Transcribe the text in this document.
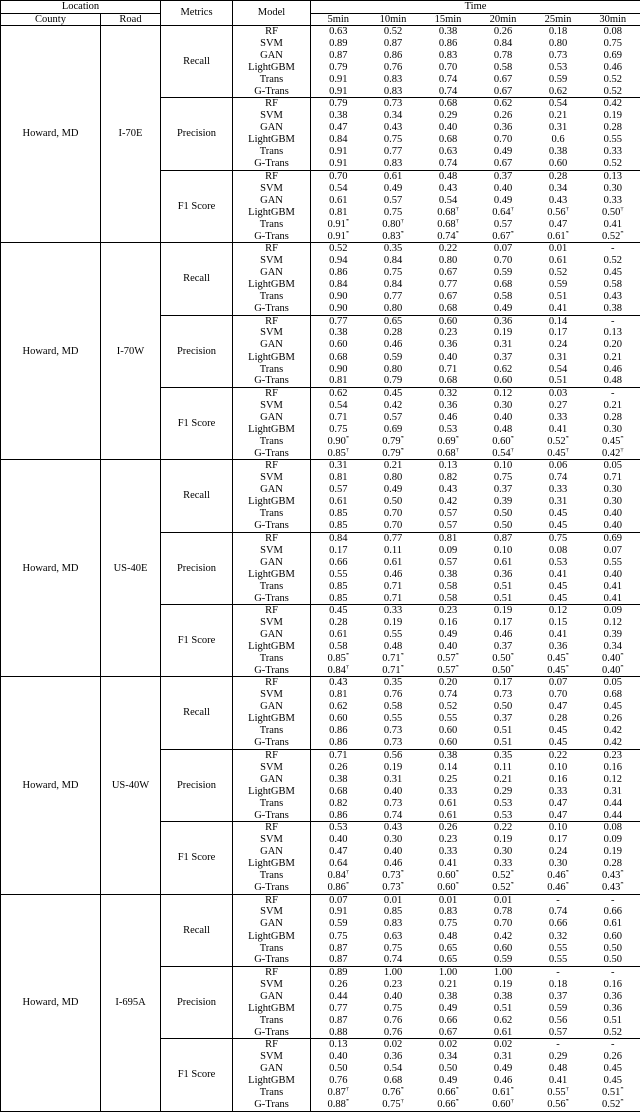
Location		Metrics	Model	Time					
County	Road			5min	10min	15min	20min	25min	30min
Howard, MD	I-70E	Recall	RF	0.63	0.52	0.38	0.26	0.18	0.08
			SVM	0.89	0.87	0.86	0.84	0.80	0.75
			GAN	0.87	0.86	0.83	0.78	0.73	0.69
			LightGBM	0.79	0.76	0.70	0.58	0.53	0.46
			Trans	0.91	0.83	0.74	0.67	0.59	0.52
			G-Trans	0.91	0.83	0.74	0.67	0.62	0.52
		Precision	RF	0.79	0.73	0.68	0.62	0.54	0.42
			SVM	0.38	0.34	0.29	0.26	0.21	0.19
			GAN	0.47	0.43	0.40	0.36	0.31	0.28
			LightGBM	0.84	0.75	0.68	0.70	0.6	0.55
			Trans	0.91	0.77	0.63	0.49	0.38	0.33
			G-Trans	0.91	0.83	0.74	0.67	0.60	0.52
		F1 Score	RF	0.70	0.61	0.48	0.37	0.28	0.13
			SVM	0.54	0.49	0.43	0.40	0.34	0.30
			GAN	0.61	0.57	0.54	0.49	0.43	0.33
			LightGBM	0.81	0.75	0.68†	0.64†	0.56†	0.50†
			Trans	0.91*	0.80†	0.68†	0.57	0.47	0.41
			G-Trans	0.91*	0.83*	0.74*	0.67*	0.61*	0.52*
Howard, MD	I-70W	Recall	RF	0.52	0.35	0.22	0.07	0.01	-
			SVM	0.94	0.84	0.80	0.70	0.61	0.52
			GAN	0.86	0.75	0.67	0.59	0.52	0.45
			LightGBM	0.84	0.84	0.77	0.68	0.59	0.58
			Trans	0.90	0.77	0.67	0.58	0.51	0.43
			G-Trans	0.90	0.80	0.68	0.49	0.41	0.38
		Precision	RF	0.77	0.65	0.60	0.36	0.14	-
			SVM	0.38	0.28	0.23	0.19	0.17	0.13
			GAN	0.60	0.46	0.36	0.31	0.24	0.20
			LightGBM	0.68	0.59	0.40	0.37	0.31	0.21
			Trans	0.90	0.80	0.71	0.62	0.54	0.46
			G-Trans	0.81	0.79	0.68	0.60	0.51	0.48
		F1 Score	RF	0.62	0.45	0.32	0.12	0.03	-
			SVM	0.54	0.42	0.36	0.30	0.27	0.21
			GAN	0.71	0.57	0.46	0.40	0.33	0.28
			LightGBM	0.75	0.69	0.53	0.48	0.41	0.30
			Trans	0.90*	0.79*	0.69*	0.60*	0.52*	0.45*
			G-Trans	0.85†	0.79*	0.68†	0.54†	0.45†	0.42†
Howard, MD	US-40E	Recall	RF	0.31	0.21	0.13	0.10	0.06	0.05
			SVM	0.81	0.80	0.82	0.75	0.74	0.71
			GAN	0.57	0.49	0.43	0.37	0.33	0.30
			LightGBM	0.61	0.50	0.42	0.39	0.31	0.30
			Trans	0.85	0.70	0.57	0.50	0.45	0.40
			G-Trans	0.85	0.70	0.57	0.50	0.45	0.40
		Precision	RF	0.84	0.77	0.81	0.87	0.75	0.69
			SVM	0.17	0.11	0.09	0.10	0.08	0.07
			GAN	0.66	0.61	0.57	0.61	0.53	0.55
			LightGBM	0.55	0.46	0.38	0.36	0.41	0.40
			Trans	0.85	0.71	0.58	0.51	0.45	0.41
			G-Trans	0.85	0.71	0.58	0.51	0.45	0.41
		F1 Score	RF	0.45	0.33	0.23	0.19	0.12	0.09
			SVM	0.28	0.19	0.16	0.17	0.15	0.12
			GAN	0.61	0.55	0.49	0.46	0.41	0.39
			LightGBM	0.58	0.48	0.40	0.37	0.36	0.34
			Trans	0.85*	0.71*	0.57*	0.50*	0.45*	0.40*
			G-Trans	0.84†	0.71*	0.57*	0.50*	0.45*	0.40*
Howard, MD	US-40W	Recall	RF	0.43	0.35	0.20	0.17	0.07	0.05
			SVM	0.81	0.76	0.74	0.73	0.70	0.68
			GAN	0.62	0.58	0.52	0.50	0.47	0.45
			LightGBM	0.60	0.55	0.55	0.37	0.28	0.26
			Trans	0.86	0.73	0.60	0.51	0.45	0.42
			G-Trans	0.86	0.73	0.60	0.51	0.45	0.42
		Precision	RF	0.71	0.56	0.38	0.35	0.22	0.23
			SVM	0.26	0.19	0.14	0.11	0.10	0.16
			GAN	0.38	0.31	0.25	0.21	0.16	0.12
			LightGBM	0.68	0.40	0.33	0.29	0.33	0.31
			Trans	0.82	0.73	0.61	0.53	0.47	0.44
			G-Trans	0.86	0.74	0.61	0.53	0.47	0.44
		F1 Score	RF	0.53	0.43	0.26	0.22	0.10	0.08
			SVM	0.40	0.30	0.23	0.19	0.17	0.09
			GAN	0.47	0.40	0.33	0.30	0.24	0.19
			LightGBM	0.64	0.46	0.41	0.33	0.30	0.28
			Trans	0.84†	0.73*	0.60*	0.52*	0.46*	0.43*
			G-Trans	0.86*	0.73*	0.60*	0.52*	0.46*	0.43*
Howard, MD	I-695A	Recall	RF	0.07	0.01	0.01	0.01	-	-
			SVM	0.91	0.85	0.83	0.78	0.74	0.66
			GAN	0.59	0.83	0.75	0.70	0.66	0.61
			LightGBM	0.75	0.63	0.48	0.42	0.32	0.60
			Trans	0.87	0.75	0.65	0.60	0.55	0.50
			G-Trans	0.87	0.74	0.65	0.59	0.55	0.50
		Precision	RF	0.89	1.00	1.00	1.00	-	-
			SVM	0.26	0.23	0.21	0.19	0.18	0.16
			GAN	0.44	0.40	0.38	0.38	0.37	0.36
			LightGBM	0.77	0.75	0.49	0.51	0.59	0.36
			Trans	0.87	0.76	0.66	0.62	0.56	0.51
			G-Trans	0.88	0.76	0.67	0.61	0.57	0.52
		F1 Score	RF	0.13	0.02	0.02	0.02	-	-
			SVM	0.40	0.36	0.34	0.31	0.29	0.26
			GAN	0.50	0.54	0.50	0.49	0.48	0.45
			LightGBM	0.76	0.68	0.49	0.46	0.41	0.45
			Trans	0.87†	0.76*	0.66*	0.61*	0.55†	0.51*
			G-Trans	0.88*	0.75†	0.66*	0.60†	0.56*	0.52*
